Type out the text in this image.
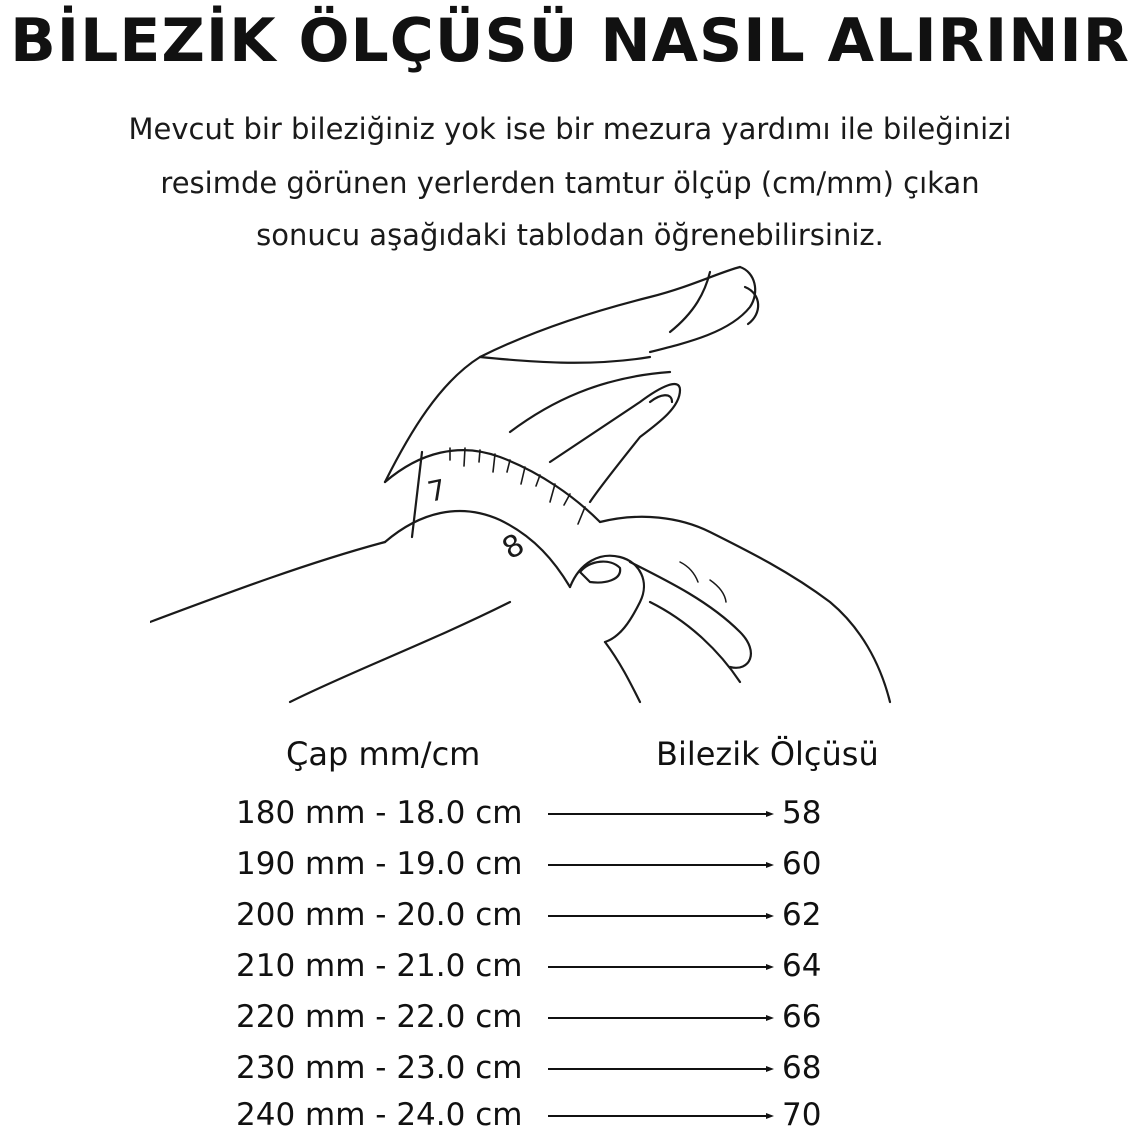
BİLEZİK ÖLÇÜSÜ NASIL ALIRINIR
Mevcut bir bileziğiniz yok ise bir mezura yardımı ile bileğinizi
resimde görünen yerlerden tamtur ölçüp (cm/mm) çıkan
sonucu aşağıdaki tablodan öğrenebilirsiniz.
7
8
Çap mm/cm	Bilezik Ölçüsü
180 mm - 18.0 cm	58
190 mm - 19.0 cm	60
200 mm - 20.0 cm	62
210 mm - 21.0 cm	64
220 mm - 22.0 cm	66
230 mm - 23.0 cm	68
240 mm - 24.0 cm	70
